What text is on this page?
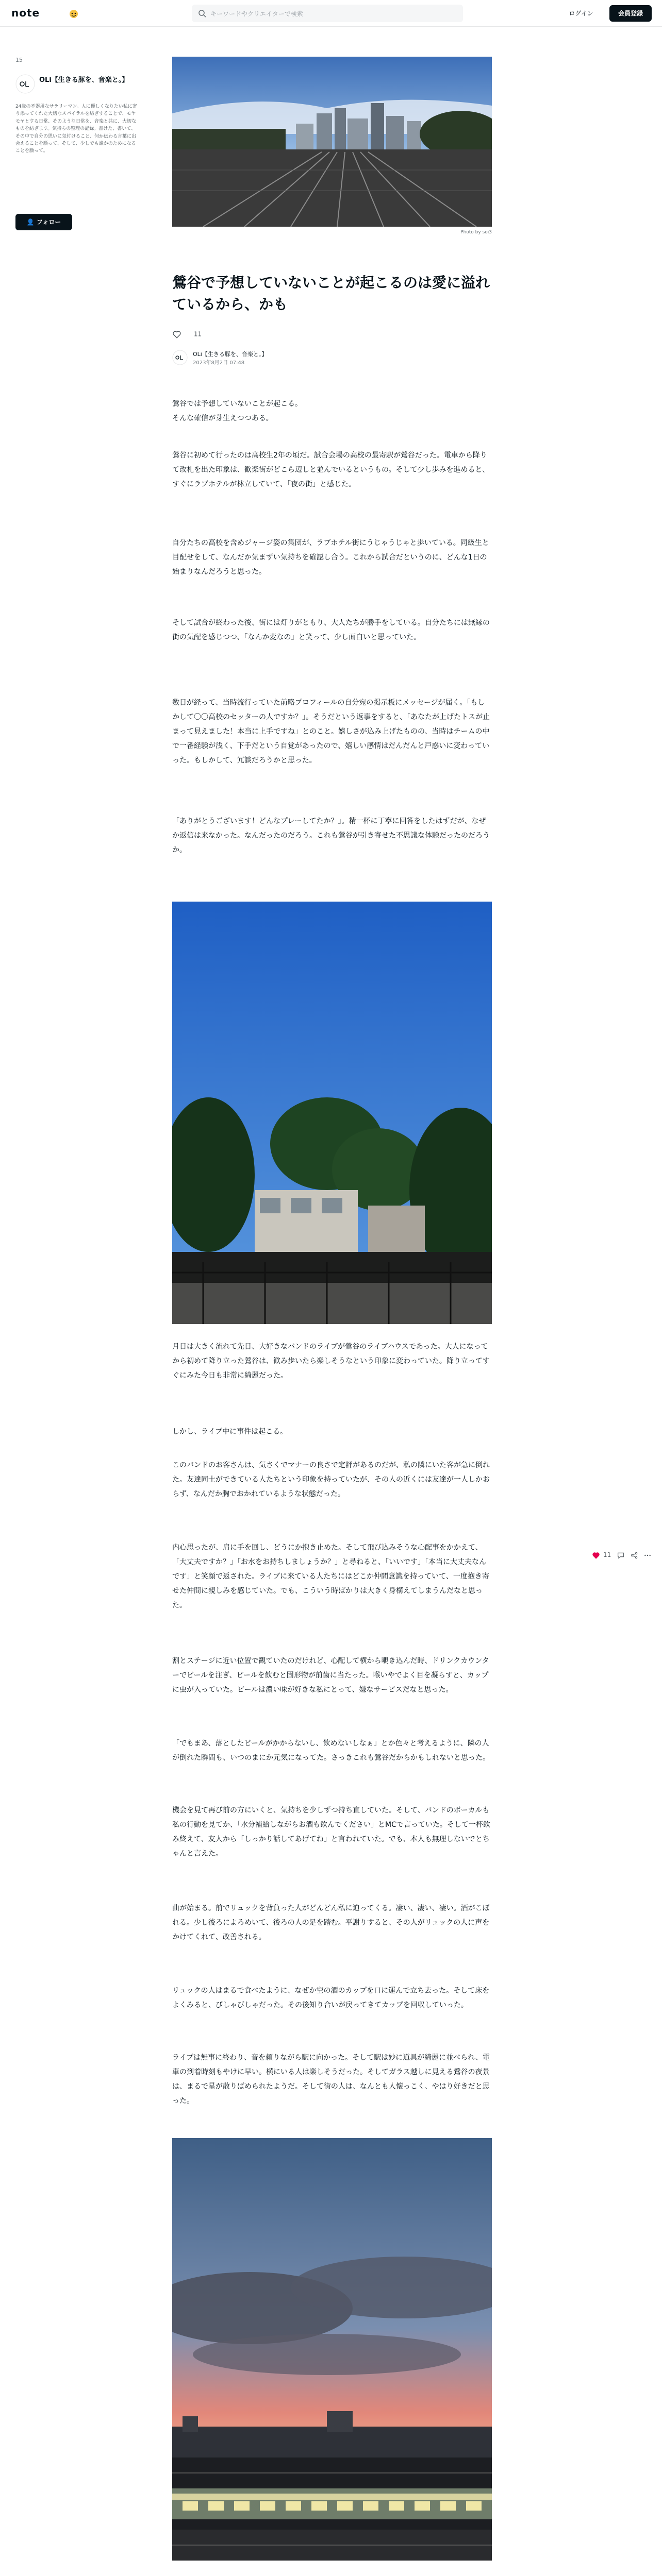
note	キーワードやクリエイターで検索	ログイン	会員登録
15
OLi【生きる豚を、音楽と。】
24歳の不器用なサラリーマン。人に優しくなりたい私に寄り添ってくれた大切なスパイラルを紡ぎすることで、モヤモヤとする日常、そのような日常を、音楽と共に、大切なものを紡ぎます。気持ちの整理の記録。書けた、書いて、その中で自分の思いに気付けること、何か伝わる言葉に出会えることを願って、そして、少しでも誰かのためになることを願って。
👤 フォロー
Photo by soi3
鶯谷で予想していないことが起こるのは愛に溢れているから、かも
11
OLi【生きる豚を、音楽と。】
2023年8月2日 07:48
鶯谷では予想していないことが起こる。
そんな確信が芽生えつつある。
鶯谷に初めて行ったのは高校生2年の頃だ。試合会場の高校の最寄駅が鶯谷だった。電車から降りて改札を出た印象は、歓楽街がどこら辺しと並んでいるというもの。そして少し歩みを進めると、すぐにラブホテルが林立していて、「夜の街」と感じた。
自分たちの高校を含めジャージ姿の集団が、ラブホテル街にうじゃうじゃと歩いている。同級生と目配せをして、なんだか気まずい気持ちを確認し合う。これから試合だというのに、どんな1日の始まりなんだろうと思った。
そして試合が終わった後、街には灯りがともり、大人たちが勝手をしている。自分たちには無縁の街の気配を感じつつ、「なんか変なの」と笑って、少し面白いと思っていた。
数日が経って、当時流行っていた前略プロフィールの自分宛の掲示板にメッセージが届く。「もしかして〇〇高校のセッターの人ですか？」。そうだという返事をすると、「あなたが上げたトスが止まって見えました！本当に上手ですね」とのこと。嬉しさが込み上げたものの、当時はチームの中で一番経験が浅く、下手だという自覚があったので、嬉しい感情はだんだんと戸惑いに変わっていった。もしかして、冗談だろうかと思った。
「ありがとうございます！どんなプレーしてたか？」。精一杯に丁寧に回答をしたはずだが、なぜか返信は来なかった。なんだったのだろう。これも鶯谷が引き寄せた不思議な体験だったのだろうか。
月日は大きく流れて先日、大好きなバンドのライブが鶯谷のライブハウスであった。大人になってから初めて降り立った鶯谷は、歓み歩いたら楽しそうなという印象に変わっていた。降り立ってすぐにみた今日も非常に綺麗だった。
しかし、ライブ中に事件は起こる。
このバンドのお客さんは、気さくでマナーの良さで定評があるのだが、私の隣にいた客が急に倒れた。友達同士ができている人たちという印象を持っていたが、その人の近くには友達が一人しかおらず、なんだか胸でおかれているような状態だった。
内心思ったが、肩に手を回し、どうにか抱き止めた。そして飛び込みそうな心配事をかかえて、「大丈夫ですか？」「お水をお持ちしましょうか？」と尋ねると、「いいです」「本当に大丈夫なんです」と笑顔で返された。ライブに来ている人たちにはどこか仲間意識を持っていて、一度抱き寄せた仲間に親しみを感じていた。でも、こういう時ばかりは大きく身構えてしまうんだなと思った。
割とステージに近い位置で観ていたのだけれど、心配して横から覗き込んだ時、ドリンクカウンターでビールを注ぎ、ビールを飲むと固形物が前歯に当たった。喉いやでよく目を凝らすと、カップに虫が入っていた。ビールは濃い味が好きな私にとって、嫌なサービスだなと思った。
「でもまあ、落としたビールがかからないし、飲めないしなぁ」とか色々と考えるように、隣の人が倒れた瞬間も、いつのまにか元気になってた。さっきこれも鶯谷だからかもしれないと思った。
機会を見て再び前の方にいくと、気持ちを少しずつ持ち直していた。そして、バンドのボーカルも私の行動を見てか、「水分補給しながらお酒も飲んでください」とMCで言っていた。そして一杯飲み終えて、友人から「しっかり話してあげてね」と言われていた。でも、本人も無理しないでとちゃんと言えた。
曲が始まる。前でリュックを背負った人がどんどん私に迫ってくる。凄い、凄い、凄い。酒がこぼれる。少し後ろによろめいて、後ろの人の足を踏む。平謝りすると、その人がリュックの人に声をかけてくれて、改善される。
リュックの人はまるで食べたように、なぜか空の酒のカップを口に運んで立ち去った。そして床をよくみると、びしゃびしゃだった。その後知り合いが戻ってきてカップを回収していった。
ライブは無事に終わり、音を頼りながら駅に向かった。そして駅は妙に道具が綺麗に並べられ、電車の到着時刻もやけに早い。横にいる人は楽しそうだった。そしてガラス越しに見える鶯谷の夜景は、まるで星が散りばめられたようだ。そして街の人は、なんとも人懐っこく、やはり好きだと思った。
11
